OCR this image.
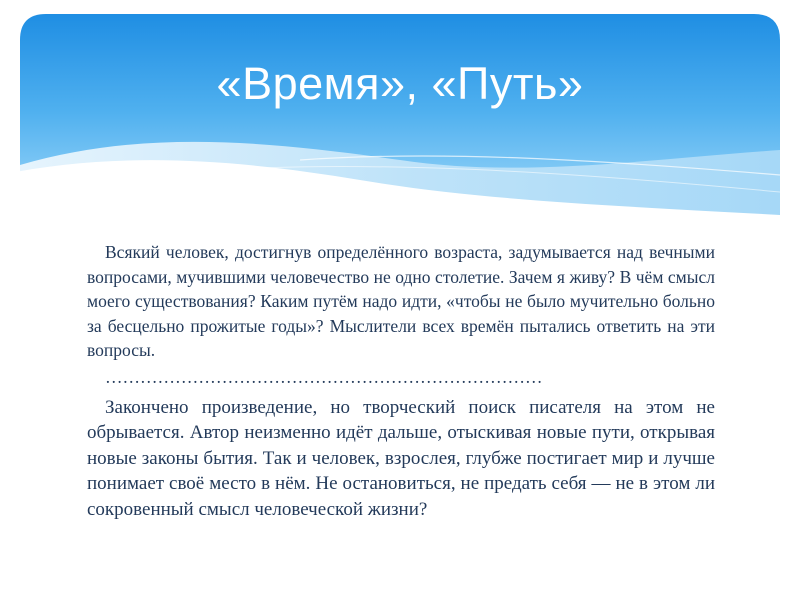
«Время», «Путь»

Всякий человек, достигнув определённого возраста, задумывается над вечными вопросами, мучившими человечество не одно столетие. Зачем я живу? В чём смысл моего существования? Каким путём надо идти, «чтобы не было мучительно больно за бесцельно прожитые годы»? Мыслители всех времён пытались ответить на эти вопросы.

…………………………………………………………………

Закончено произведение, но творческий поиск писателя на этом не обрывается. Автор неизменно идёт дальше, отыскивая новые пути, открывая новые законы бытия. Так и человек, взрослея, глубже постигает мир и лучше понимает своё место в нём. Не остановиться, не предать себя — не в этом ли сокровенный смысл человеческой жизни?
